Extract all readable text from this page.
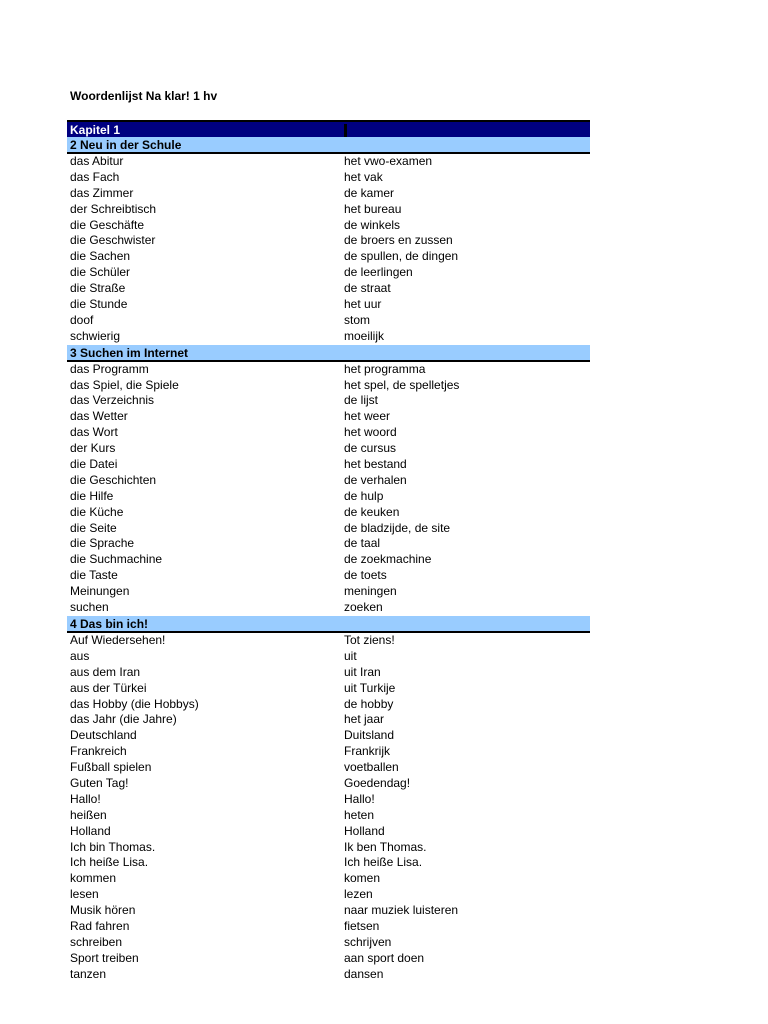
Woordenlijst Na klar! 1 hv
Kapitel 1
2 Neu in der Schule
das Abitur	het vwo-examen
das Fach	het vak
das Zimmer	de kamer
der Schreibtisch	het bureau
die Geschäfte	de winkels
die Geschwister	de broers en zussen
die Sachen	de spullen, de dingen
die Schüler	de leerlingen
die Straße	de straat
die Stunde	het uur
doof	stom
schwierig	moeilijk
3 Suchen im Internet
das Programm	het programma
das Spiel, die Spiele	het spel, de spelletjes
das Verzeichnis	de lijst
das Wetter	het weer
das Wort	het woord
der Kurs	de cursus
die Datei	het bestand
die Geschichten	de verhalen
die Hilfe	de hulp
die Küche	de keuken
die Seite	de bladzijde, de site
die Sprache	de taal
die Suchmachine	de zoekmachine
die Taste	de toets
Meinungen	meningen
suchen	zoeken
4 Das bin ich!
Auf Wiedersehen!	Tot ziens!
aus	uit
aus dem Iran	uit Iran
aus der Türkei	uit Turkije
das Hobby (die Hobbys)	de hobby
das Jahr (die Jahre)	het jaar
Deutschland	Duitsland
Frankreich	Frankrijk
Fußball spielen	voetballen
Guten Tag!	Goedendag!
Hallo!	Hallo!
heißen	heten
Holland	Holland
Ich bin Thomas.	Ik ben Thomas.
Ich heiße Lisa.	Ich heiße Lisa.
kommen	komen
lesen	lezen
Musik hören	naar muziek luisteren
Rad fahren	fietsen
schreiben	schrijven
Sport treiben	aan sport doen
tanzen	dansen
